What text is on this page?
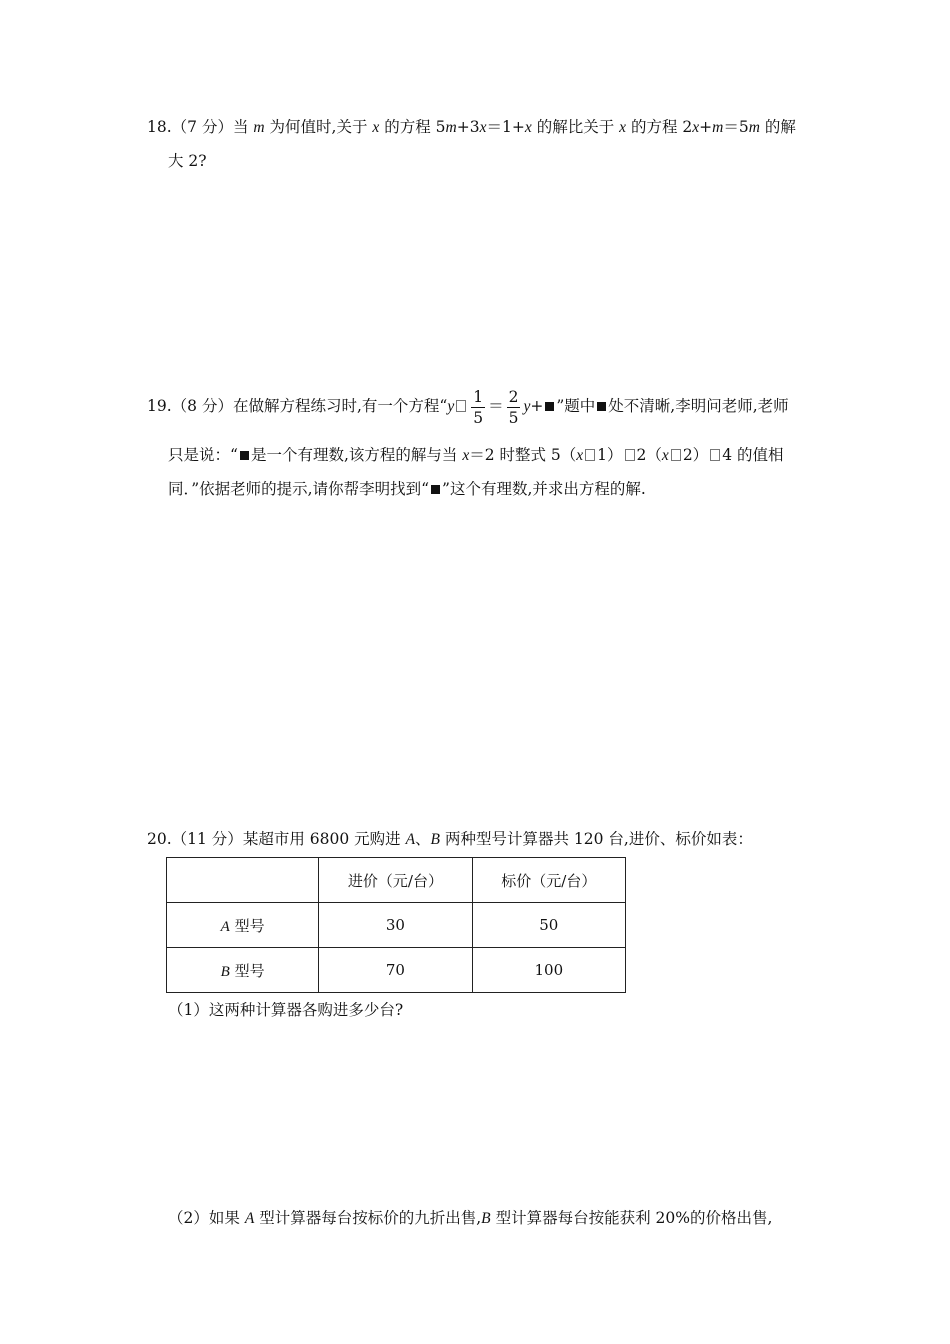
18.（7 分）当 m 为何值时,关于 x 的方程 5m+3x＝1+x 的解比关于 x 的方程 2x+m＝5m 的解
大 2?
19.（8 分）在做解方程练习时,有一个方程“$y \frac{1}{5} = \frac{2}{5} y+$ ”题中 处不清晰,李明问老师,老师
只是说：“ 是一个有理数,该方程的解与当 x＝2 时整式 5（x 1） 2（x 2） 4 的值相
同．”依据老师的提示,请你帮李明找到“ ”这个有理数,并求出方程的解.
20.（11 分）某超市用 6800 元购进 A、B 两种型号计算器共 120 台,进价、标价如表：
	进价（元/台）	标价（元/台）
A 型号	30	50
B 型号	70	100
（1）这两种计算器各购进多少台?
（2）如果 A 型计算器每台按标价的九折出售,B 型计算器每台按能获利 20%的价格出售,
